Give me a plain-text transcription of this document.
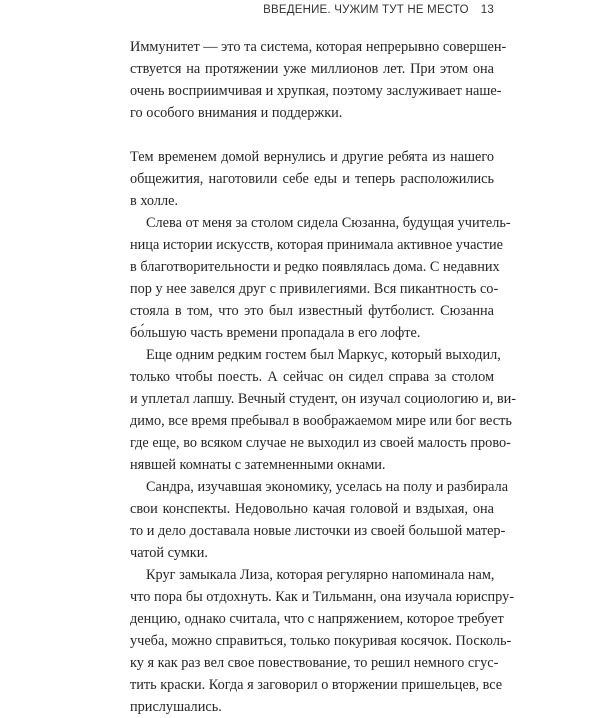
ВВЕДЕНИЕ. ЧУЖИМ ТУТ НЕ МЕСТО 13
Иммунитет — это та система, которая непрерывно совершен-
ствуется на протяжении уже миллионов лет. При этом она
очень восприимчивая и хрупкая, поэтому заслуживает наше-
го особого внимания и поддержки.
Тем временем домой вернулись и другие ребята из нашего
общежития, наготовили себе еды и теперь расположились
в холле.
Слева от меня за столом сидела Сюзанна, будущая учитель-
ница истории искусств, которая принимала активное участие
в благотворительности и редко появлялась дома. С недавних
пор у нее завелся друг с привилегиями. Вся пикантность со-
стояла в том, что это был известный футболист. Сюзанна
бо́льшую часть времени пропадала в его лофте.
Еще одним редким гостем был Маркус, который выходил,
только чтобы поесть. А сейчас он сидел справа за столом
и уплетал лапшу. Вечный студент, он изучал социологию и, ви-
димо, все время пребывал в воображаемом мире или бог весть
где еще, во всяком случае не выходил из своей малость прово-
нявшей комнаты с затемненными окнами.
Сандра, изучавшая экономику, уселась на полу и разбирала
свои конспекты. Недовольно качая головой и вздыхая, она
то и дело доставала новые листочки из своей большой матер-
чатой сумки.
Круг замыкала Лиза, которая регулярно напоминала нам,
что пора бы отдохнуть. Как и Тильманн, она изучала юриспру-
денцию, однако считала, что с напряжением, которое требует
учеба, можно справиться, только покуривая косячок. Посколь-
ку я как раз вел свое повествование, то решил немного сгус-
тить краски. Когда я заговорил о вторжении пришельцев, все
прислушались.
